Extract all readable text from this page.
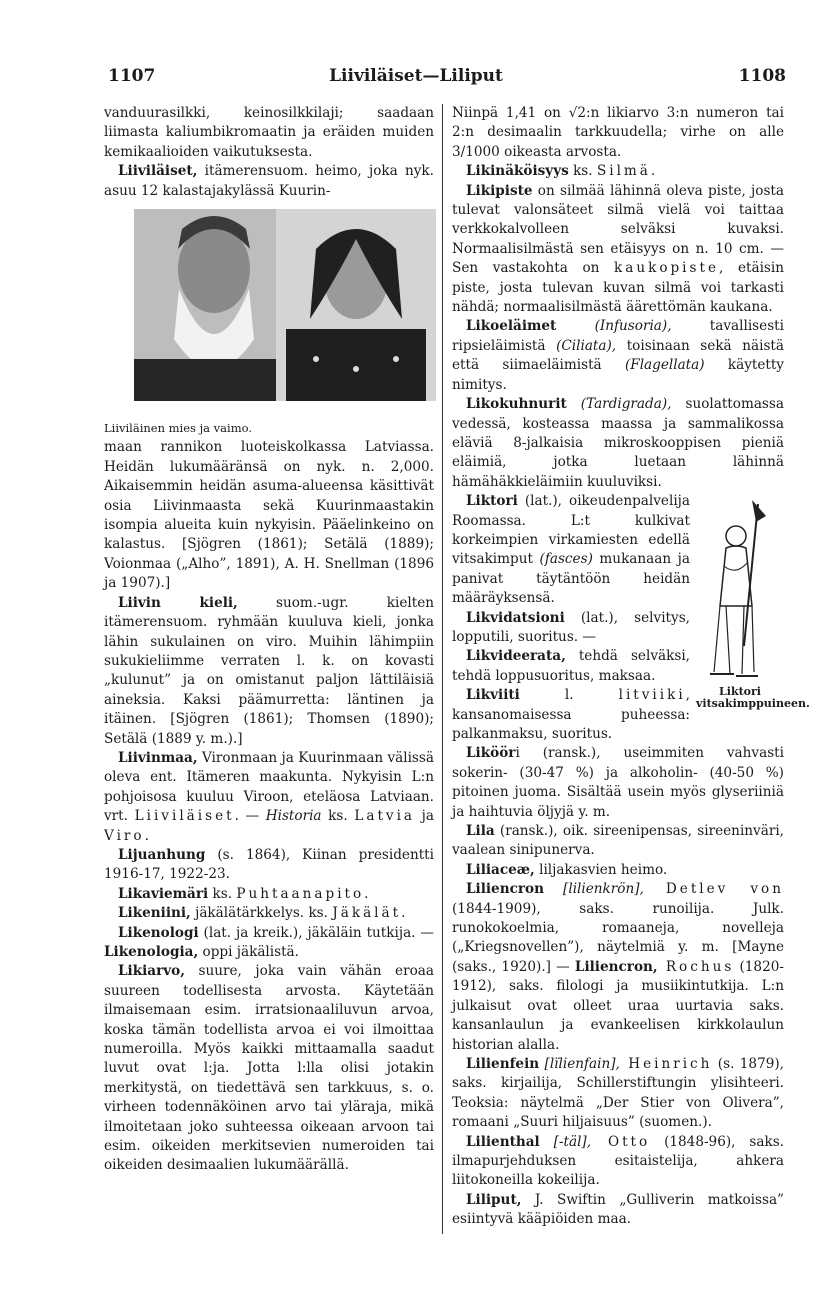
1107	Liiviläiset—Liliput	1108

vanduurasilkki, keinosilkkilaji; saadaan liimasta kaliumbikromaatin ja eräiden muiden kemikaalioiden vaikutuksesta.

Liiviläiset, itämerensuom. heimo, joka nyk. asuu 12 kalastajakylässä Kuurin-

Liiviläinen mies ja vaimo.

maan rannikon luoteiskolkassa Latviassa. Heidän lukumääränsä on nyk. n. 2,000. Aikaisemmin heidän asuma-alueensa käsittivät osia Liivinmaasta sekä Kuurinmaastakin isompia alueita kuin nykyisin. Pääelinkeino on kalastus. [Sjögren (1861); Setälä (1889); Voionmaa („Alho”, 1891), A. H. Snellman (1896 ja 1907).]

Liivin kieli, suom.-ugr. kielten itämerensuom. ryhmään kuuluva kieli, jonka lähin sukulainen on viro. Muihin lähimpiin sukukieliimme verraten l. k. on kovasti „kulunut” ja on omistanut paljon lättiläisiä aineksia. Kaksi päämurretta: läntinen ja itäinen. [Sjögren (1861); Thomsen (1890); Setälä (1889 y. m.).]

Liivinmaa, Vironmaan ja Kuurinmaan välissä oleva ent. Itämeren maakunta. Nykyisin L:n pohjoisosa kuuluu Viroon, eteläosa Latviaan. vrt. Liiviläiset. — Historia ks. Latvia ja Viro.

Lijuanhung (s. 1864), Kiinan presidentti 1916-17, 1922-23.

Likaviemäri ks. Puhtaanapito.

Likeniini, jäkälätärkkelys. ks. Jäkälät.

Likenologi (lat. ja kreik.), jäkäläin tutkija. — Likenologia, oppi jäkälistä.

Likiarvo, suure, joka vain vähän eroaa suureen todellisesta arvosta. Käytetään ilmaisemaan esim. irratsionaaliluvun arvoa, koska tämän todellista arvoa ei voi ilmoittaa numeroilla. Myös kaikki mittaamalla saadut luvut ovat l:ja. Jotta l:lla olisi jotakin merkitystä, on tiedettävä sen tarkkuus, s. o. virheen todennäköinen arvo tai yläraja, mikä ilmoitetaan joko suhteessa oikeaan arvoon tai esim. oikeiden merkitsevien numeroiden tai oikeiden desimaalien lukumäärällä.

Niinpä 1,41 on √2:n likiarvo 3:n numeron tai 2:n desimaalin tarkkuudella; virhe on alle 3/1000 oikeasta arvosta.

Likinäköisyys ks. Silmä.

Likipiste on silmää lähinnä oleva piste, josta tulevat valonsäteet silmä vielä voi taittaa verkkokalvolleen selväksi kuvaksi. Normaalisilmästä sen etäisyys on n. 10 cm. — Sen vastakohta on kaukopiste, etäisin piste, josta tulevan kuvan silmä voi tarkasti nähdä; normaalisilmästä äärettömän kaukana.

Likoeläimet (Infusoria), tavallisesti ripsieläimistä (Ciliata), toisinaan sekä näistä että siimaeläimistä (Flagellata) käytetty nimitys.

Likokuhnurit (Tardigrada), suolattomassa vedessä, kosteassa maassa ja sammalikossa eläviä 8-jalkaisia mikroskooppisen pieniä eläimiä, jotka luetaan lähinnä hämähäkkieläimiin kuuluviksi.

Liktori vitsakimppuineen.

Liktori (lat.), oikeudenpalvelija Roomassa. L:t kulkivat korkeimpien virkamiesten edellä vitsakimput (fasces) mukanaan ja panivat täytäntöön heidän määräyksensä.

Likvidatsioni (lat.), selvitys, lopputili, suoritus. —

Likvideerata, tehdä selväksi, tehdä loppusuoritus, maksaa.

Likviiti l. litviiki, kansanomaisessa puheessa: palkanmaksu, suoritus.

Likööri (ransk.), useimmiten vahvasti sokerin- (30-47 %) ja alkoholin- (40-50 %) pitoinen juoma. Sisältää usein myös glyseriiniä ja haihtuvia öljyjä y. m.

Lila (ransk.), oik. sireenipensas, sireeninväri, vaalean sinipunerva.

Liliaceæ, liljakasvien heimo.

Liliencron [lilienkrön], Detlev von (1844-1909), saks. runoilija. Julk. runokokoelmia, romaaneja, novelleja („Kriegsnovellen”), näytelmiä y. m. [Mayne (saks., 1920).] — Liliencron, Rochus (1820-1912), saks. filologi ja musiikintutkija. L:n julkaisut ovat olleet uraa uurtavia saks. kansanlaulun ja evankeelisen kirkkolaulun historian alalla.

Lilienfein [lïlienfain], Heinrich (s. 1879), saks. kirjailija, Schillerstiftungin ylisihteeri. Teoksia: näytelmä „Der Stier von Olivera”, romaani „Suuri hiljaisuus” (suomen.).

Lilienthal [-täl], Otto (1848-96), saks. ilmapurjehduksen esitaistelija, ahkera liitokoneilla kokeilija.

Liliput, J. Swiftin „Gulliverin matkoissa” esiintyvä kääpiöiden maa.
